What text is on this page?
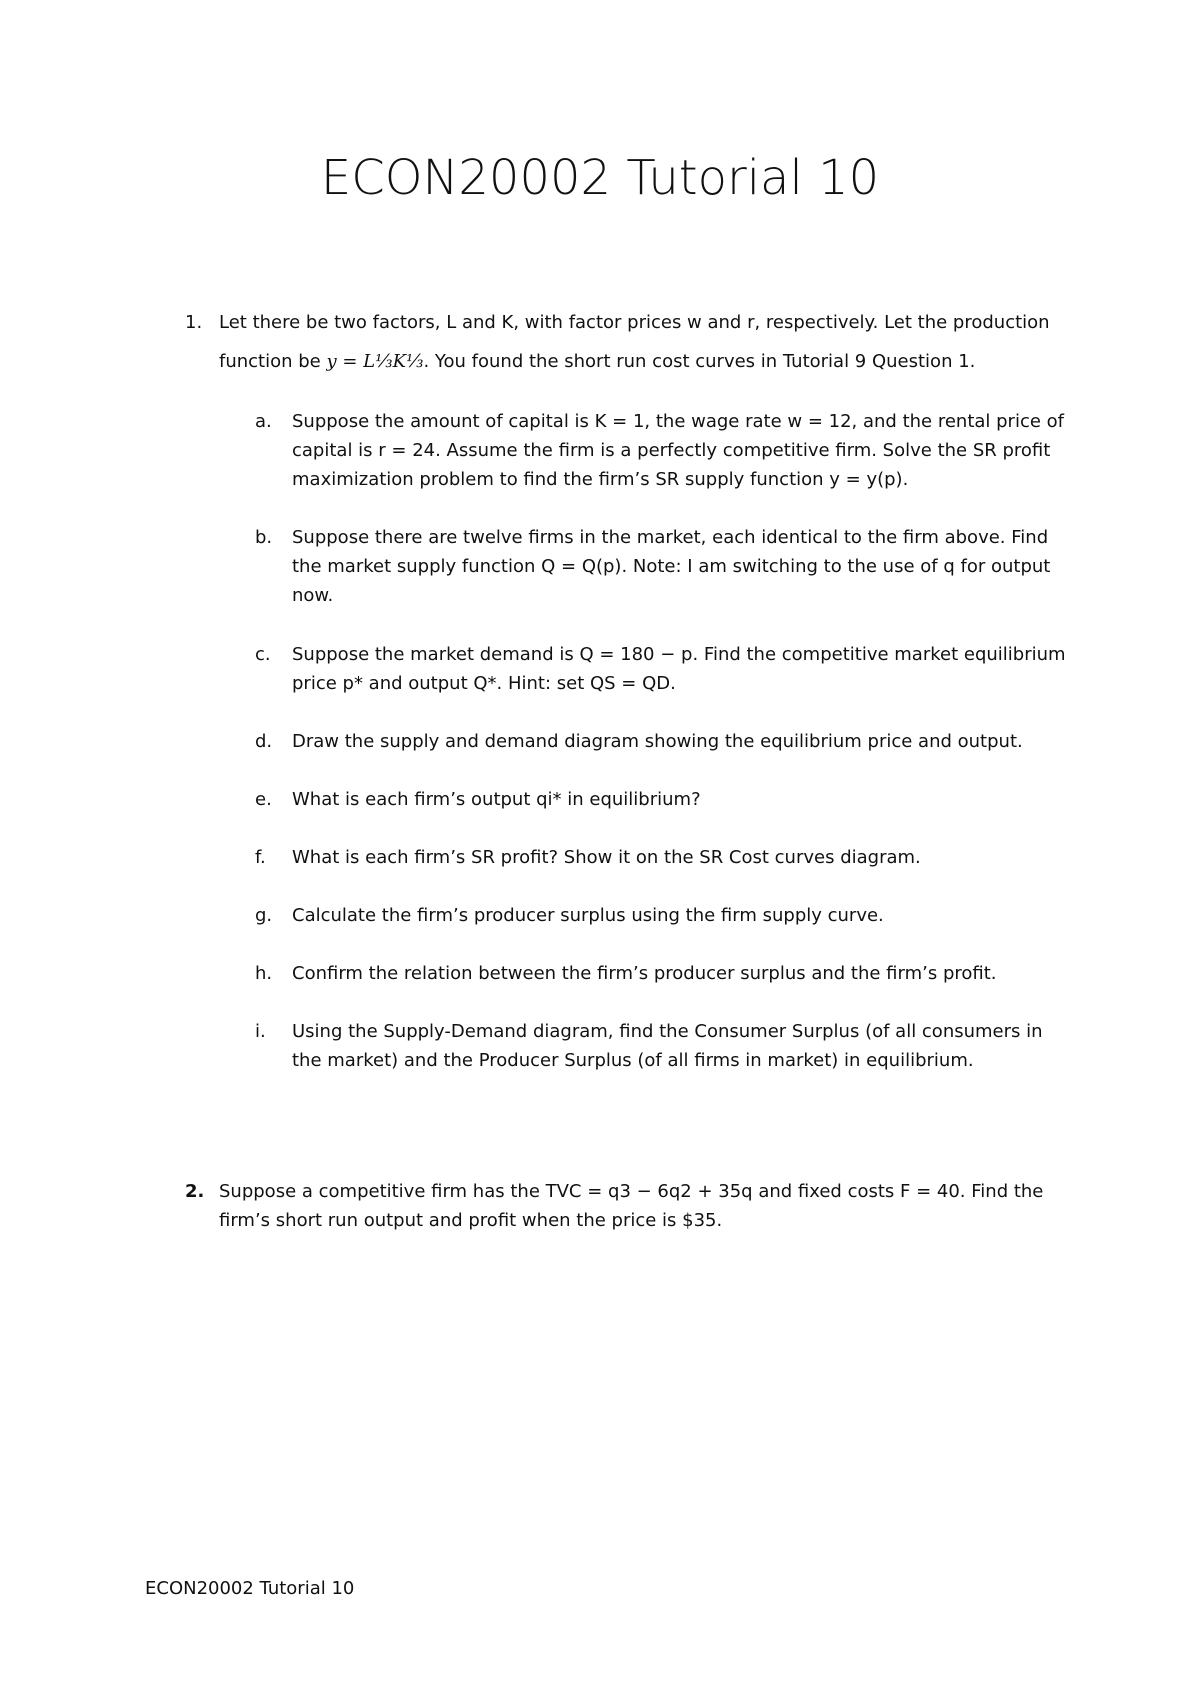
ECON20002 Tutorial 10
1. Let there be two factors, L and K, with factor prices w and r, respectively. Let the production
function be y = L⅓K⅓. You found the short run cost curves in Tutorial 9 Question 1.
a. Suppose the amount of capital is K = 1, the wage rate w = 12, and the rental price of
capital is r = 24. Assume the firm is a perfectly competitive firm. Solve the SR profit
maximization problem to find the firm’s SR supply function y = y(p).
b. Suppose there are twelve firms in the market, each identical to the firm above. Find
the market supply function Q = Q(p). Note: I am switching to the use of q for output
now.
c. Suppose the market demand is Q = 180 − p. Find the competitive market equilibrium
price p* and output Q*. Hint: set QS = QD.
d. Draw the supply and demand diagram showing the equilibrium price and output.
e. What is each firm’s output qi* in equilibrium?
f. What is each firm’s SR profit? Show it on the SR Cost curves diagram.
g. Calculate the firm’s producer surplus using the firm supply curve.
h. Confirm the relation between the firm’s producer surplus and the firm’s profit.
i. Using the Supply-Demand diagram, find the Consumer Surplus (of all consumers in
the market) and the Producer Surplus (of all firms in market) in equilibrium.
2. Suppose a competitive firm has the TVC = q3 − 6q2 + 35q and fixed costs F = 40. Find the
firm’s short run output and profit when the price is $35.
ECON20002 Tutorial 10
